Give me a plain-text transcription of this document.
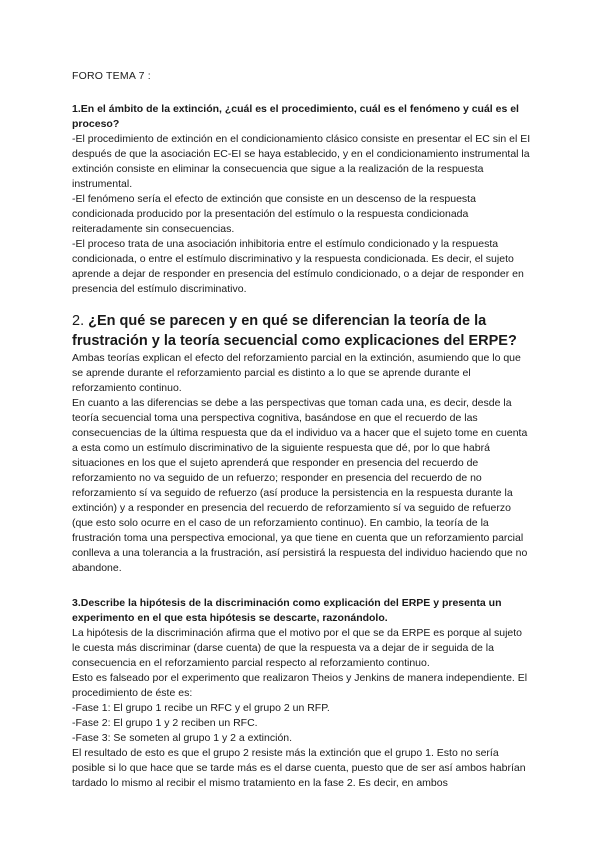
FORO TEMA 7 :

1.En el ámbito de la extinción, ¿cuál es el procedimiento, cuál es el fenómeno y cuál es el proceso?

-El procedimiento de extinción en el condicionamiento clásico consiste en presentar el EC sin el EI después de que la asociación EC-EI se haya establecido, y en el condicionamiento instrumental la extinción consiste en eliminar la consecuencia que sigue a la realización de la respuesta instrumental.

-El fenómeno sería el efecto de extinción que consiste en un descenso de la respuesta condicionada producido por la presentación del estímulo o la respuesta condicionada reiteradamente sin consecuencias.

-El proceso trata de una asociación inhibitoria entre el estímulo condicionado y la respuesta condicionada, o entre el estímulo discriminativo y la respuesta condicionada. Es decir, el sujeto aprende a dejar de responder en presencia del estímulo condicionado, o a dejar de responder en presencia del estímulo discriminativo.

2. ¿En qué se parecen y en qué se diferencian la teoría de la frustración y la teoría secuencial como explicaciones del ERPE?

Ambas teorías explican el efecto del reforzamiento parcial en la extinción, asumiendo que lo que se aprende durante el reforzamiento parcial es distinto a lo que se aprende durante el reforzamiento continuo.

En cuanto a las diferencias se debe a las perspectivas que toman cada una, es decir, desde la teoría secuencial toma una perspectiva cognitiva, basándose en que el recuerdo de las consecuencias de la última respuesta que da el individuo va a hacer que el sujeto tome en cuenta a esta como un estímulo discriminativo de la siguiente respuesta que dé, por lo que habrá situaciones en los que el sujeto aprenderá que responder en presencia del recuerdo de reforzamiento no va seguido de un refuerzo; responder en presencia del recuerdo de no reforzamiento sí va seguido de refuerzo (así produce la persistencia en la respuesta durante la extinción) y a responder en presencia del recuerdo de reforzamiento sí va seguido de refuerzo (que esto solo ocurre en el caso de un reforzamiento continuo). En cambio, la teoría de la frustración toma una perspectiva emocional, ya que tiene en cuenta que un reforzamiento parcial conlleva a una tolerancia a la frustración, así persistirá la respuesta del individuo haciendo que no abandone.

3.Describe la hipótesis de la discriminación como explicación del ERPE y presenta un experimento en el que esta hipótesis se descarte, razonándolo.

La hipótesis de la discriminación afirma que el motivo por el que se da ERPE es porque al sujeto le cuesta más discriminar (darse cuenta) de que la respuesta va a dejar de ir seguida de la consecuencia en el reforzamiento parcial respecto al reforzamiento continuo.

Esto es falseado por el experimento que realizaron Theios y Jenkins de manera independiente. El procedimiento de éste es:

-Fase 1: El grupo 1 recibe un RFC y el grupo 2 un RFP.

-Fase 2: El grupo 1 y 2 reciben un RFC.

-Fase 3: Se someten al grupo 1 y 2 a extinción.

El resultado de esto es que el grupo 2 resiste más la extinción que el grupo 1. Esto no sería posible si lo que hace que se tarde más es el darse cuenta, puesto que de ser así ambos habrían tardado lo mismo al recibir el mismo tratamiento en la fase 2. Es decir, en ambos
